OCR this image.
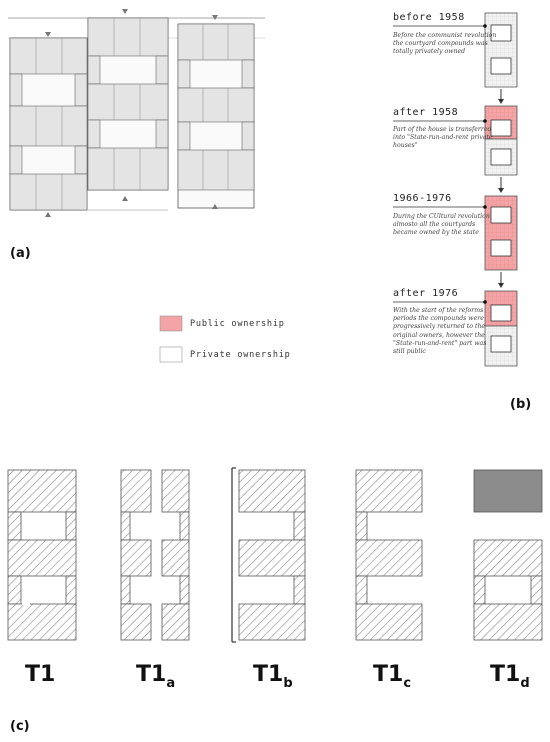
(a)
(b)
(c)
before 1958
Before the communist revolution the courtyard compounds was totally privately owned
after 1958
Part of the house is transferred into "State-run-and-rent private houses"
1966-1976
During the CUltural revolution almosto all the courtyards became owned by the state
after 1976
With the start of the reforms periods the compounds were progressively returned to the original owners, however the "State-run-and-rent" part was still public
Public ownership
Private ownership
T1	$T1_a$	$T1_b$	$T1_c$	$T1_d$
